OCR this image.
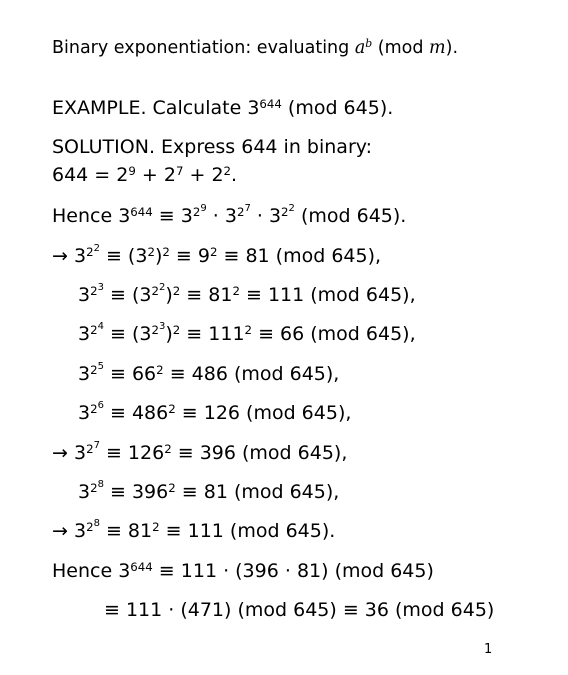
Binary exponentiation: evaluating $a^b$ (mod m).
EXAMPLE. Calculate $3^{644}$ (mod 645).
SOLUTION. Express 644 in binary:
$644 = 2^9 + 2^7 + 2^2$.
Hence $3^{644} \equiv 3^{2^9} \cdot 3^{2^7} \cdot 3^{2^2}$ (mod 645).
→ $3^{2^2} \equiv (3^2)^2 \equiv 9^2 \equiv 81$ (mod 645),
$3^{2^3} \equiv (3^{2^2})^2 \equiv 81^2 \equiv 111$ (mod 645),
$3^{2^4} \equiv (3^{2^3})^2 \equiv 111^2 \equiv 66$ (mod 645),
$3^{2^5} \equiv 66^2 \equiv 486$ (mod 645),
$3^{2^6} \equiv 486^2 \equiv 126$ (mod 645),
→ $3^{2^7} \equiv 126^2 \equiv 396$ (mod 645),
$3^{2^8} \equiv 396^2 \equiv 81$ (mod 645),
→ $3^{2^8} \equiv 81^2 \equiv 111$ (mod 645).
Hence $3^{644} \equiv 111 \cdot (396 \cdot 81)$ (mod 645)
≡ 111 · (471) (mod 645) ≡ 36 (mod 645)
1
